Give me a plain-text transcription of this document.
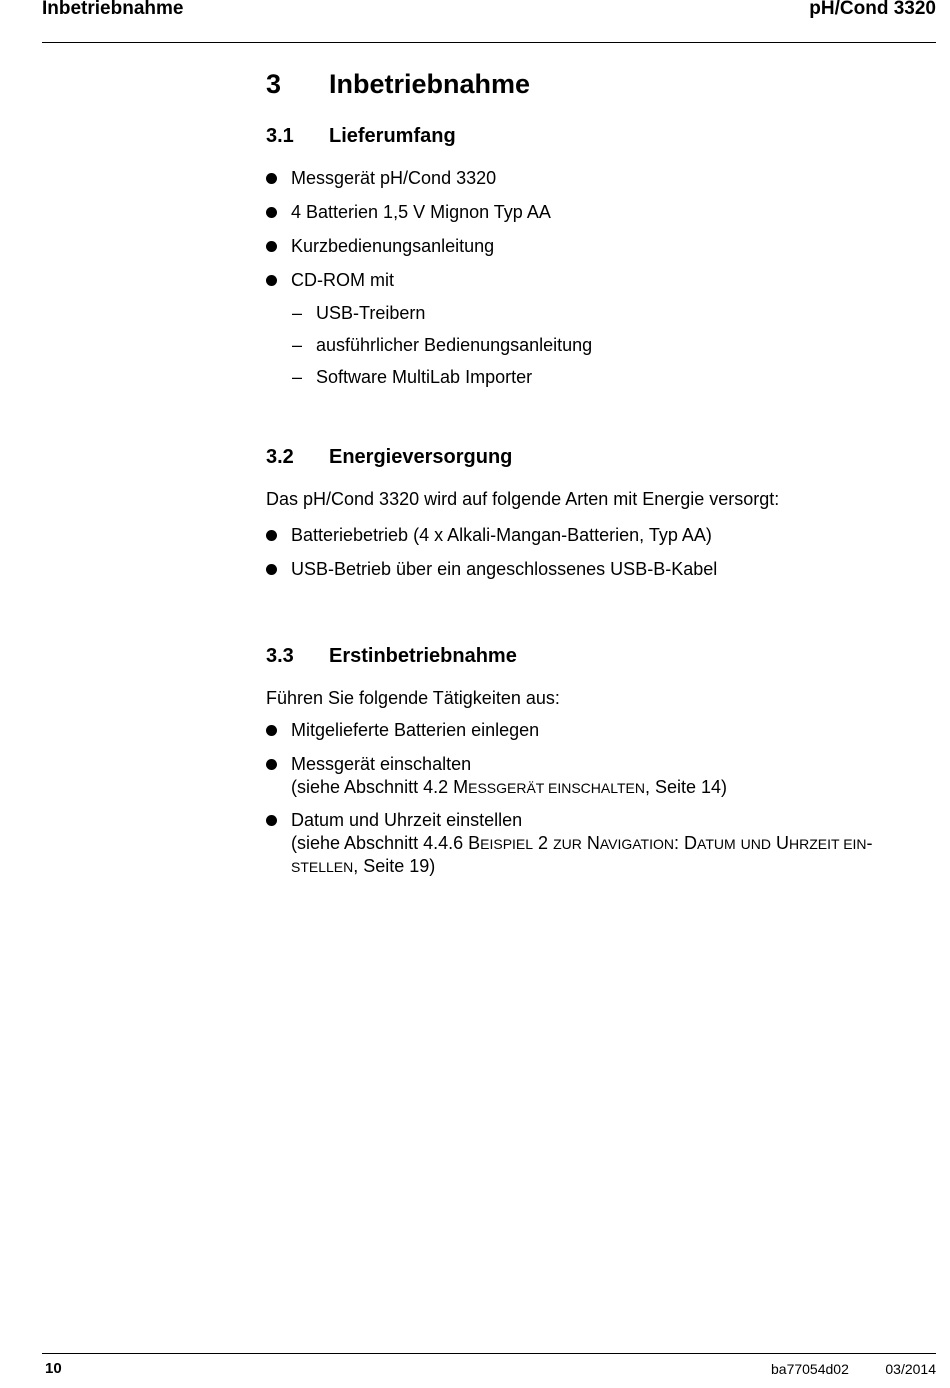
Inbetriebnahme	pH/Cond 3320
3 Inbetriebnahme
3.1 Lieferumfang
Messgerät pH/Cond 3320
4 Batterien 1,5 V Mignon Typ AA
Kurzbedienungsanleitung
CD-ROM mit
– USB-Treibern
– ausführlicher Bedienungsanleitung
– Software MultiLab Importer
3.2 Energieversorgung
Das pH/Cond 3320 wird auf folgende Arten mit Energie versorgt:
Batteriebetrieb (4 x Alkali-Mangan-Batterien, Typ AA)
USB-Betrieb über ein angeschlossenes USB-B-Kabel
3.3 Erstinbetriebnahme
Führen Sie folgende Tätigkeiten aus:
Mitgelieferte Batterien einlegen
Messgerät einschalten
(siehe Abschnitt 4.2 MESSGERÄT EINSCHALTEN, Seite 14)
Datum und Uhrzeit einstellen
(siehe Abschnitt 4.4.6 BEISPIEL 2 ZUR NAVIGATION: DATUM UND UHRZEIT EIN-
STELLEN, Seite 19)
10	ba77054d02	03/2014
